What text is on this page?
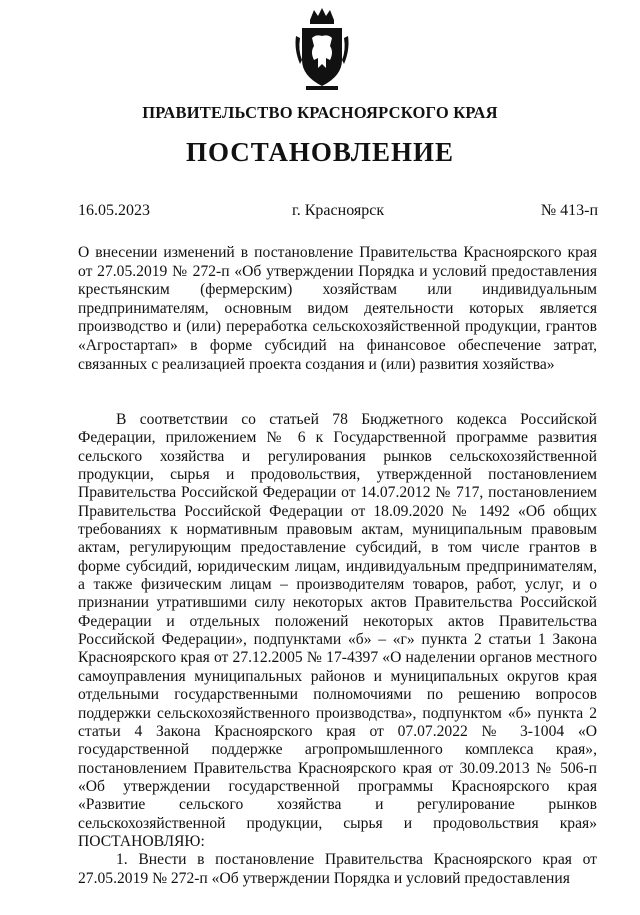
ПРАВИТЕЛЬСТВО КРАСНОЯРСКОГО КРАЯ
ПОСТАНОВЛЕНИЕ
16.05.2023	г. Красноярск	№ 413-п
О внесении изменений в постановление Правительства Красноярского края от 27.05.2019 № 272-п «Об утверждении Порядка и условий предоставления крестьянским (фермерским) хозяйствам или индивидуальным предпринимателям, основным видом деятельности которых является производство и (или) переработка сельскохозяйственной продукции, грантов «Агростартап» в форме субсидий на финансовое обеспечение затрат, связанных с реализацией проекта создания и (или) развития хозяйства»

В соответствии со статьей 78 Бюджетного кодекса Российской Федерации, приложением № 6 к Государственной программе развития сельского хозяйства и регулирования рынков сельскохозяйственной продукции, сырья и продовольствия, утвержденной постановлением Правительства Российской Федерации от 14.07.2012 № 717, постановлением Правительства Российской Федерации от 18.09.2020 № 1492 «Об общих требованиях к нормативным правовым актам, муниципальным правовым актам, регулирующим предоставление субсидий, в том числе грантов в форме субсидий, юридическим лицам, индивидуальным предпринимателям, а также физическим лицам – производителям товаров, работ, услуг, и о признании утратившими силу некоторых актов Правительства Российской Федерации и отдельных положений некоторых актов Правительства Российской Федерации», подпунктами «б» – «г» пункта 2 статьи 1 Закона Красноярского края от 27.12.2005 № 17-4397 «О наделении органов местного самоуправления муниципальных районов и муниципальных округов края отдельными государственными полномочиями по решению вопросов поддержки сельскохозяйственного производства», подпунктом «б» пункта 2 статьи 4 Закона Красноярского края от 07.07.2022 № 3-1004 «О государственной поддержке агропромышленного комплекса края», постановлением Правительства Красноярского края от 30.09.2013 № 506-п «Об утверждении государственной программы Красноярского края «Развитие сельского хозяйства и регулирование рынков сельскохозяйственной продукции, сырья и продовольствия края» ПОСТАНОВЛЯЮ:

1. Внести в постановление Правительства Красноярского края от 27.05.2019 № 272-п «Об утверждении Порядка и условий предоставления
